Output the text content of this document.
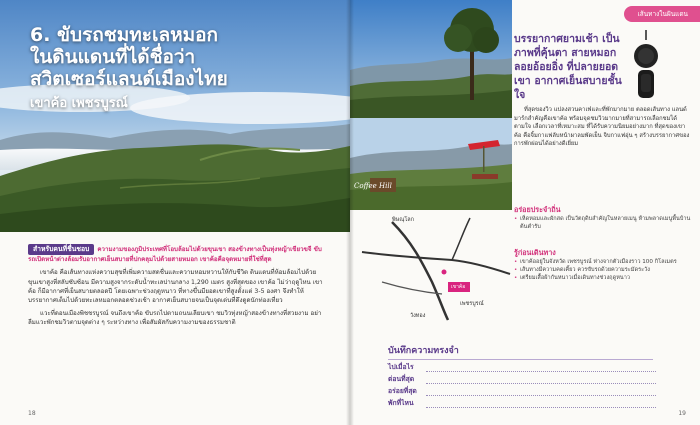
6. ขับรถชมทะเลหมอก
ในดินแดนที่ได้ชื่อว่า
สวิตเซอร์แลนด์เมืองไทย
เขาค้อ เพชรบูรณ์
สำหรับคนที่ชื่นชอบ ความงามของภูมิประเทศที่โอบล้อมไปด้วยขุนเขา สองข้างทางเป็นทุ่งหญ้าเขียวขจี ขับรถเปิดหน้าต่างล้อมรับอากาศเย็นสบายที่ปกคลุมไปด้วยสายหมอก เขาค้อคือจุดหมายที่ใช่ที่สุด

เขาค้อ คือเส้นทางแห่งความสุขที่เพิ่มความสดชื่นและความหอมหวานให้กับชีวิต ดินแดนที่ห้อมล้อมไปด้วยขุนเขาสูงที่สลับซับซ้อน มีความสูงจากระดับน้ำทะเลปานกลาง 1,290 เมตร สูงที่สุดของ เขาค้อ ไม่ว่าฤดูไหน เขาค้อ ก็มีอากาศที่เย็นสบายตลอดปี โดยเฉพาะช่วงฤดูหนาว ที่ทางขึ้นมียอดเขาที่สูงตั้งแต่ 3-5 องศา จึงทำให้บรรยากาศเต็มไปด้วยทะเลหมอกตลอดช่วงเช้า อากาศเย็นสบายจนเป็นจุดเด่นที่ดึงดูดนักท่องเที่ยว

แวะที่ดอนเมืองพิชชรบูรณ์ จนถึงเขาค้อ ขับรถไปตามถนนเลียบเขา ชมวิวทุ่งหญ้าสองข้างทางที่สวยงาม อย่าลืมแวะพักชมวิวตามจุดต่าง ๆ ระหว่างทาง เพื่อสัมผัสกับความงามของธรรมชาติ

18
Coffee Hill
เส้นทางในฝันแดน
บรรยากาศยามเช้า เป็นภาพที่คุ้นตา สายหมอกลอยอ้อยอิ่ง ที่ปลายยอดเขา อากาศเย็นสบายชั้นใจ

ที่สุดของวิว แปลงสวนคาเฟ่และที่พักมากมาย ตลอดเส้นทาง แลนด์มาร์กสำคัญคือเขาค้อ พร้อมจุดชมวิวมากมายที่สามารถเลือกชมได้ตามใจ เลือกเวลาที่เหมาะสม ที่ได้รับความนิยมอย่างมาก ที่สุดของเขาค้อ คือจิ้มกาแฟลับหน้าผาลมพัดเย็น จิบกาแฟอุ่น ๆ สร้างบรรยากาศของการพักผ่อนได้อย่างดีเยี่ยม

อร่อยประจำถิ่น
• เห็ดหอมและผักสด เป็นวัตถุดิบสำคัญในหลายเมนู ห้ามพลาดเมนูพื้นบ้านต้นตำรับ
รู้ก่อนเดินทาง
• เขาค้ออยู่ในจังหวัด เพชรบูรณ์ ห่างจากตัวเมืองราว 100 กิโลเมตร
• เส้นทางมีความคดเคี้ยว ควรขับรถด้วยความระมัดระวัง
• เตรียมเสื้อผ้ากันหนาวเมื่อเดินทางช่วงฤดูหนาว
พิษณุโลก
เขาค้อ
เพชรบูรณ์
วังทอง
บันทึกความทรงจำ
ไปเมื่อไร
ต่อนที่สุด
อร่อยที่สุด
พักที่ไหน
19
